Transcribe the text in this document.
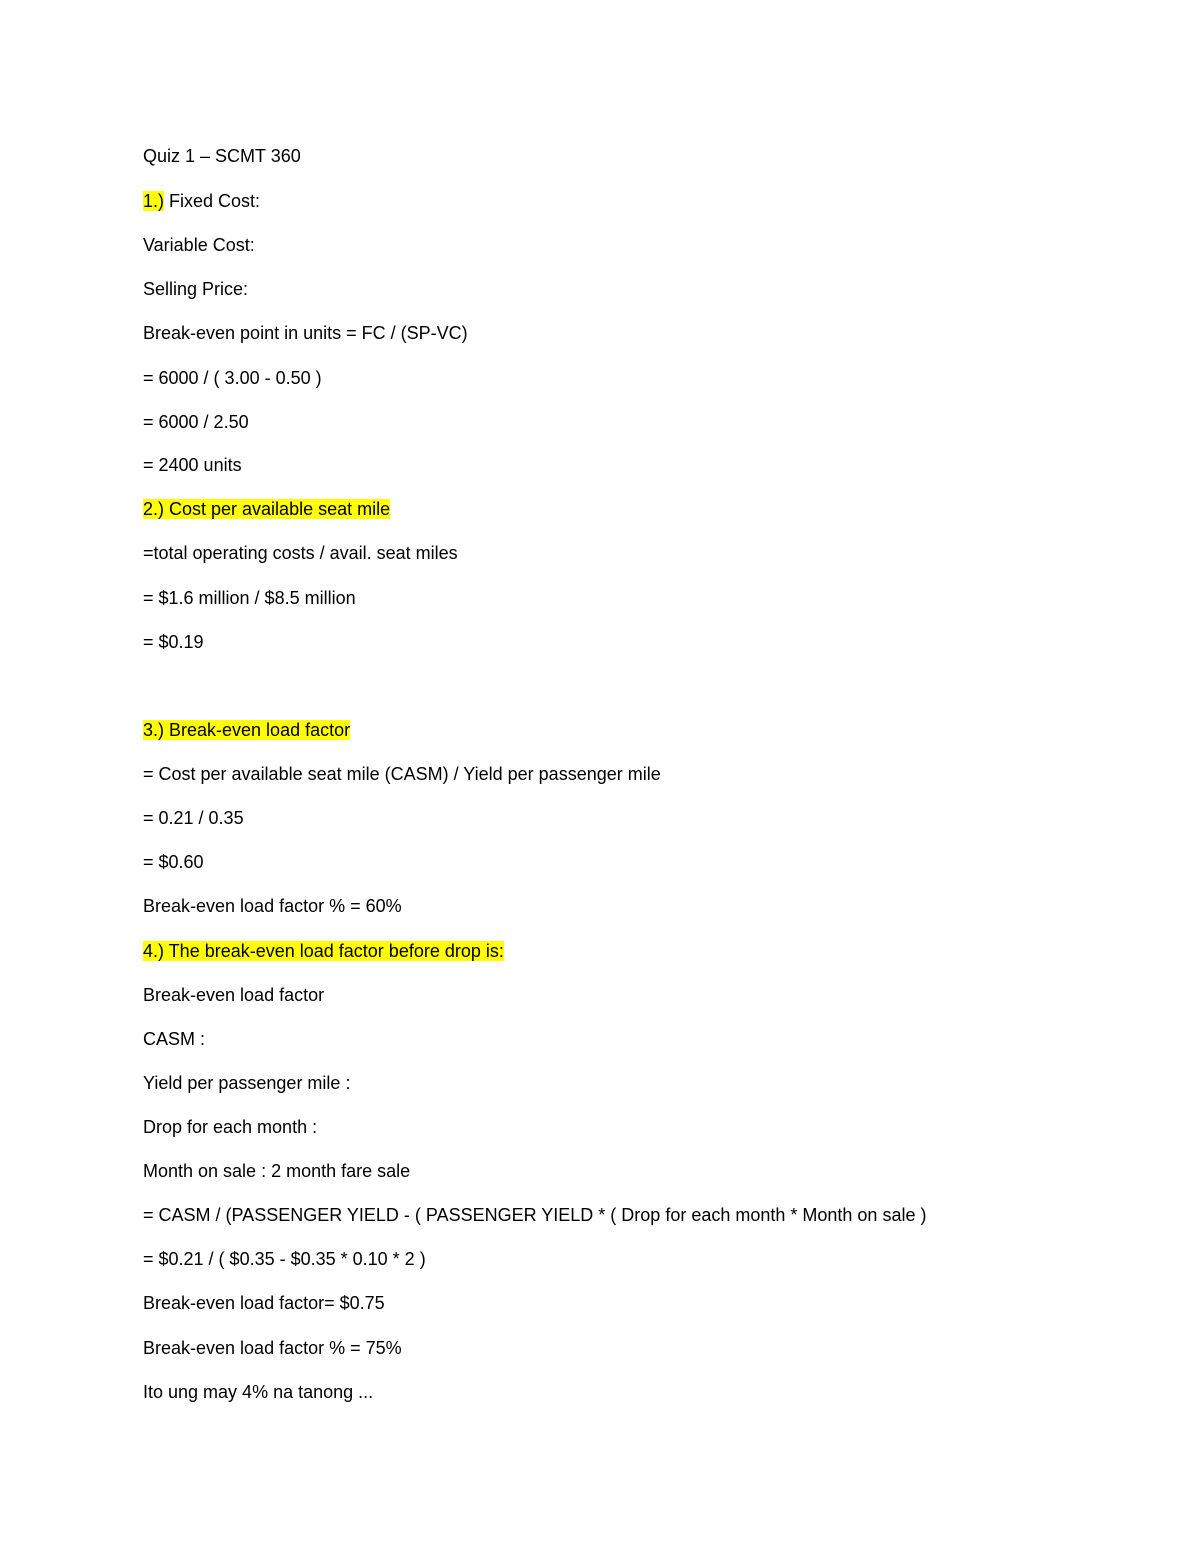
Quiz 1 – SCMT 360
1.) Fixed Cost:
Variable Cost:
Selling Price:
Break-even point in units = FC / (SP-VC)
= 6000 / ( 3.00 - 0.50 )
= 6000 / 2.50
= 2400 units
2.) Cost per available seat mile
=total operating costs / avail. seat miles
= $1.6 million / $8.5 million
= $0.19
3.) Break-even load factor
= Cost per available seat mile (CASM) / Yield per passenger mile
= 0.21 / 0.35
= $0.60
Break-even load factor % = 60%
4.) The break-even load factor before drop is:
Break-even load factor
CASM :
Yield per passenger mile :
Drop for each month :
Month on sale : 2 month fare sale
= CASM / (PASSENGER YIELD - ( PASSENGER YIELD * ( Drop for each month * Month on sale )
= $0.21 / ( $0.35 - $0.35 * 0.10 * 2 )
Break-even load factor= $0.75
Break-even load factor % = 75%
Ito ung may 4% na tanong ...
